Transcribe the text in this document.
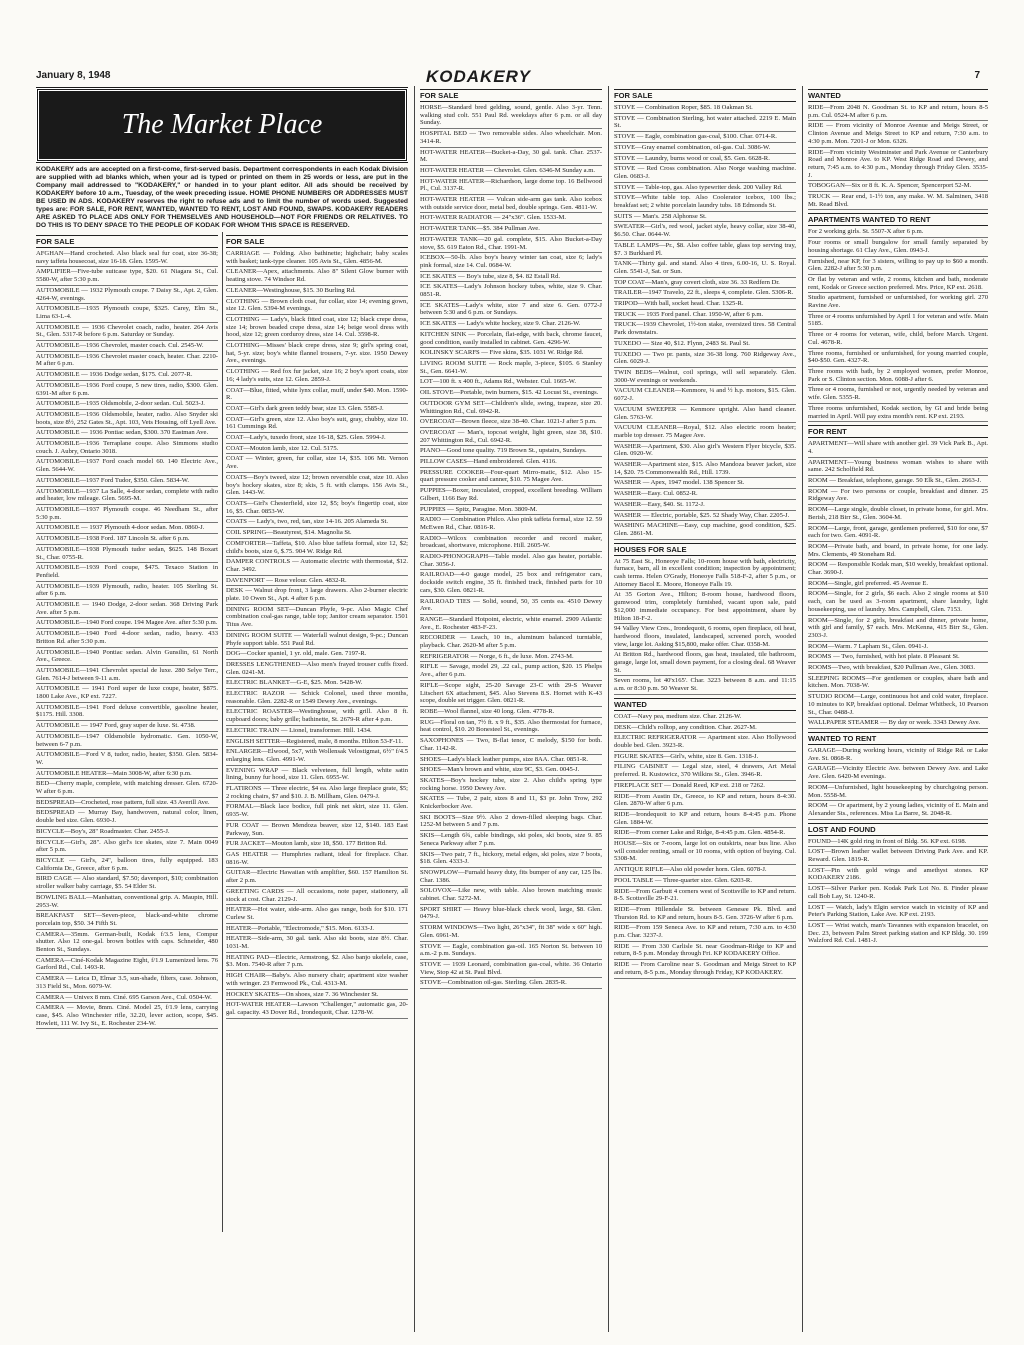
January 8, 1948	KODAKERY	7
The Market Place
KODAKERY ads are accepted on a first-come, first-served basis. Department correspondents in each Kodak Division are supplied with ad blanks which, when your ad is typed or printed on them in 25 words or less, are put in the Company mail addressed to "KODAKERY," or handed in to your plant editor. All ads should be received by KODAKERY before 10 a.m., Tuesday, of the week preceding issue. HOME PHONE NUMBERS OR ADDRESSES MUST BE USED IN ADS. KODAKERY reserves the right to refuse ads and to limit the number of words used. Suggested types are: FOR SALE, FOR RENT, WANTED, WANTED TO RENT, LOST AND FOUND, SWAPS. KODAKERY READERS ARE ASKED TO PLACE ADS ONLY FOR THEMSELVES AND HOUSEHOLD—NOT FOR FRIENDS OR RELATIVES. TO DO THIS IS TO DENY SPACE TO THE PEOPLE OF KODAK FOR WHOM THIS SPACE IS RESERVED.
FOR SALE
AFGHAN—Hand crocheted. Also black seal fur coat, size 36-38; navy taffeta housecoat, size 16-18. Glen. 1595-W.
AMPLIFIER—Five-tube suitcase type, $20. 61 Niagara St., Cul. 5580-W, after 5:30 p.m.
AUTOMOBILE — 1932 Plymouth coupe. 7 Daisy St., Apt. 2, Glen. 4264-W, evenings.
AUTOMOBILE—1935 Plymouth coupe, $325. Carey, Elm St., Lima 63-L-4.
AUTOMOBILE — 1936 Chevrolet coach, radio, heater. 264 Avis St., Glen. 5317-R before 6 p.m. Saturday or Sunday.
AUTOMOBILE—1936 Chevrolet, master coach. Cul. 2545-W.
AUTOMOBILE—1936 Chevrolet master coach, heater. Char. 2210-M after 6 p.m.
AUTOMOBILE — 1936 Dodge sedan, $175. Cul. 2077-R.
AUTOMOBILE—1936 Ford coupe, 5 new tires, radio, $300. Glen. 6391-M after 6 p.m.
AUTOMOBILE—1935 Oldsmobile, 2-door sedan. Cul. 5023-J.
AUTOMOBILE—1936 Oldsmobile, heater, radio. Also Snyder ski boots, size 8½, 252 Gates St., Apt. 103, Vets Housing, off Lyell Ave.
AUTOMOBILE — 1936 Pontiac sedan, $300. 370 Eastman Ave.
AUTOMOBILE—1936 Terraplane coupe. Also Simmons studio couch. J. Aubry, Ontario 3018.
AUTOMOBILE—1937 Ford coach model 60. 140 Electric Ave., Glen. 5644-W.
AUTOMOBILE—1937 Ford Tudor, $350. Glen. 5834-W.
AUTOMOBILE—1937 La Salle, 4-door sedan, complete with radio and heater, low mileage. Glen. 5695-M.
AUTOMOBILE—1937 Plymouth coupe. 46 Needham St., after 5:30 p.m.
AUTOMOBILE — 1937 Plymouth 4-door sedan. Mon. 0860-J.
AUTOMOBILE—1938 Ford. 187 Lincoln St. after 6 p.m.
AUTOMOBILE—1938 Plymouth tudor sedan, $625. 148 Boxart St., Char. 0755-R.
AUTOMOBILE—1939 Ford coupe, $475. Texaco Station in Penfield.
AUTOMOBILE—1939 Plymouth, radio, heater. 105 Sterling St. after 6 p.m.
AUTOMOBILE — 1940 Dodge, 2-door sedan. 368 Driving Park Ave. after 5 p.m.
AUTOMOBILE—1940 Ford coupe. 194 Magee Ave. after 5:30 p.m.
AUTOMOBILE—1940 Ford 4-door sedan, radio, heavy. 433 Britton Rd. after 5:30 p.m.
AUTOMOBILE—1940 Pontiac sedan. Alvin Gunsilin, 61 North Ave., Greece.
AUTOMOBILE—1941 Chevrolet special de luxe. 280 Selye Terr., Glen. 7614-J between 9-11 a.m.
AUTOMOBILE — 1941 Ford super de luxe coupe, heater, $875. 1800 Lake Ave., KP ext. 7227.
AUTOMOBILE—1941 Ford deluxe convertible, gasoline heater, $1175. Hill. 3308.
AUTOMOBILE — 1947 Ford, gray super de luxe. St. 4738.
AUTOMOBILE—1947 Oldsmobile hydromatic. Gen. 1050-W, between 6-7 p.m.
AUTOMOBILE—Ford V 8, tudor, radio, heater, $350. Glen. 5834-W.
AUTOMOBILE HEATER—Main 3008-W, after 6:30 p.m.
BED—Cherry maple, complete, with matching dresser. Glen. 6720-W after 6 p.m.
BEDSPREAD—Crocheted, rose pattern, full size. 43 Averill Ave.
BEDSPREAD — Murray Bay, handwoven, natural color, linen, double bed size. Glen. 6930-J.
BICYCLE—Boy's, 28" Roadmaster. Char. 2455-J.
BICYCLE—Girl's, 28". Also girl's ice skates, size 7. Main 0049 after 5 p.m.
BICYCLE — Girl's, 24", balloon tires, fully equipped. 183 California Dr., Greece, after 6 p.m.
BIRD CAGE — Also standard, $7.50; davenport, $10; combination stroller walker baby carriage, $5. 54 Elder St.
BOWLING BALL—Manhattan, conventional grip. A. Maupin, Hill. 2953-W.
BREAKFAST SET—Seven-piece, black-and-white chrome porcelain top, $50. 34 Fifth St.
CAMERA—35mm. German-built, Kodak f/3.5 lens, Compur shutter. Also 12 one-gal. brown bottles with caps. Schneider, 480 Benton St., Sundays.
CAMERA—Ciné-Kodak Magazine Eight, f/1.9 Lumenized lens. 76 Garford Rd., Cul. 1493-R.
CAMERA — Leica D, Elmar 3.5, sun-shade, filters, case. Johnson, 313 Field St., Mon. 6079-W.
CAMERA — Univex 8 mm. Ciné. 695 Garson Ave., Cul. 0504-W.
CAMERA — Movie, 8mm. Ciné. Model 25, f/1.9 lens, carrying case, $45. Also Winchester rifle, 32.20, lever action, scope, $45. Howlett, 111 W. Ivy St., E. Rochester 234-W.
FOR SALE
CARRIAGE — Folding. Also bathinette; highchair; baby scales with basket; tank-type cleaner. 105 Avis St., Glen. 4856-M.
CLEANER—Apex, attachments. Also 8" Silent Glow burner with heating stove. 74 Windsor Rd.
CLEANER—Westinghouse, $15. 30 Burling Rd.
CLOTHING — Brown cloth coat, fur collar, size 14; evening gown, size 12. Glen. 5394-M evenings.
CLOTHING — Lady's, black fitted coat, size 12; black crepe dress, size 14; brown beaded crepe dress, size 14; beige wool dress with hood, size 12; green corduroy dress, size 14. Cul. 3598-R.
CLOTHING—Misses' black crepe dress, size 9; girl's spring coat, hat, 5-yr. size; boy's white flannel trousers, 7-yr. size. 1950 Dewey Ave., evenings.
CLOTHING — Red fox fur jacket, size 16; 2 boy's sport coats, size 16; 4 lady's suits, size 12. Glen. 2859-J.
COAT—Blue, fitted, white lynx collar, muff, under $40. Mon. 1590-R.
COAT—Girl's dark green teddy bear, size 13. Glen. 5585-J.
COAT—Girl's green, size 12. Also boy's suit, gray, chubby, size 10. 161 Cummings Rd.
COAT—Lady's, tuxedo front, size 16-18, $25. Glen. 5994-J.
COAT—Mouton lamb, size 12. Cul. 5175.
COAT — Winter, green, fur collar, size 14, $35. 106 Mt. Vernon Ave.
COATS—Boy's tweed, size 12; brown reversible coat, size 10. Also boy's hockey skates, size 8; skis, 5 ft. with clamps. 156 Avis St., Glen. 1443-W.
COATS—Girl's Chesterfield, size 12, $5; boy's fingertip coat, size 16, $5. Char. 0853-W.
COATS — Lady's, two, red, tan, size 14-16. 205 Alameda St.
COIL SPRING—Beautyrest, $14. Magnolia St.
COMFORTER—Taffeta, $10. Also blue taffeta formal, size 12, $2; child's boots, size 6, $.75. 904 W. Ridge Rd.
DAMPER CONTROLS — Automatic electric with thermostat, $12. Char. 3492.
DAVENPORT — Rose velour. Glen. 4832-R.
DESK — Walnut drop front, 3 large drawers. Also 2-burner electric plate. 10 Owen St., Apt. 4 after 6 p.m.
DINING ROOM SET—Duncan Phyfe, 9-pc. Also Magic Chef combination coal-gas range, table top; Janitor cream separator. 1501 Titus Ave.
DINING ROOM SUITE — Waterfall walnut design, 9-pc.; Duncan Phyfe support table. 551 Paul Rd.
DOG—Cocker spaniel, 1 yr. old, male. Gen. 7197-R.
DRESSES LENGTHENED—Also men's frayed trouser cuffs fixed. Glen. 0241-M.
ELECTRIC BLANKET—G-E, $25. Mon. 5428-W.
ELECTRIC RAZOR — Schick Colonel, used three months, reasonable. Glen. 2282-R or 1549 Dewey Ave., evenings.
ELECTRIC ROASTER—Westinghouse, with grill. Also 8 ft. cupboard doors; baby grille; bathinette, St. 2679-R after 4 p.m.
ELECTRIC TRAIN — Lionel, transformer. Hill. 1434.
ENGLISH SETTER—Registered, male, 8 months. Hilton 53-F-11.
ENLARGER—Elwood, 5x7, with Wollensak Velostigmat, 6½" f/4.5 enlarging lens. Glen. 4991-W.
EVENING WRAP — Black velveteen, full length, white satin lining, bunny fur hood, size 11. Glen. 6955-W.
FLATIRONS — Three electric, $4 ea. Also large fireplace grate, $5; 2 rocking chairs, $7 and $10. J. B. Millham, Glen. 0479-J.
FORMAL—Black lace bodice, full pink net skirt, size 11. Glen. 6935-W.
FUR COAT — Brown Mendoza beaver, size 12, $140. 183 East Parkway, Sun.
FUR JACKET—Mouton lamb, size 18, $50. 177 Britton Rd.
GAS HEATER — Humphries radiant, ideal for fireplace. Char. 0816-W.
GUITAR—Electric Hawaiian with amplifier, $60. 157 Hamilton St. after 2 p.m.
GREETING CARDS — All occasions, note paper, stationery, all stock at cost. Char. 2129-J.
HEATER—Hot water, side-arm. Also gas range, both for $10. 171 Curlew St.
HEATER—Portable, "Electromode," $15. Mon. 6133-J.
HEATER—Side-arm, 30 gal. tank. Also ski boots, size 8½. Char. 1031-M.
HEATING PAD—Electric, Armstrong, $2. Also banjo ukelele, case, $3. Mon. 7540-R after 7 p.m.
HIGH CHAIR—Baby's. Also nursery chair; apartment size washer with wringer. 23 Fernwood Pk., Cul. 4313-M.
HOCKEY SKATES—On shoes, size 7. 36 Winchester St.
HOT-WATER HEATER—Lawson "Challenger," automatic gas, 20-gal. capacity. 43 Dover Rd., Irondequoit, Char. 1278-W.
FOR SALE
HORSE—Standard bred gelding, sound, gentle. Also 3-yr. Tenn. walking stud colt. 551 Paul Rd. weekdays after 6 p.m. or all day Sunday.
HOSPITAL BED — Two removable sides. Also wheelchair. Mon. 3414-R.
HOT-WATER HEATER—Bucket-a-Day, 30 gal. tank. Char. 2537-M.
HOT-WATER HEATER — Chevrolet. Glen. 6346-M Sunday a.m.
HOT-WATER HEATER—Richardson, large dome top. 16 Bellwood Pl., Cul. 3137-R.
HOT-WATER HEATER — Vulcan side-arm gas tank. Also icebox with outside service door, metal bed, double springs. Gen. 4811-W.
HOT-WATER RADIATOR — 24"x36". Glen. 1533-M.
HOT-WATER TANK—$5. 384 Pullman Ave.
HOT-WATER TANK—20 gal. complete, $15. Also Bucket-a-Day stove, $5. 619 Eaton Rd., Char. 1991-M.
ICEBOX—50-lb. Also boy's heavy winter tan coat, size 6; lady's pink formal, size 14. Cul. 0684-W.
ICE SKATES — Boy's tube, size 8, $4. 82 Estall Rd.
ICE SKATES—Lady's Johnson hockey tubes, white, size 9. Char. 0851-R.
ICE SKATES—Lady's white, size 7 and size 6. Gen. 0772-J between 5:30 and 6 p.m. or Sundays.
ICE SKATES — Lady's white hockey, size 9. Char. 2126-W.
KITCHEN SINK — Porcelain, flat-edge, with back, chrome faucet, good condition, easily installed in cabinet. Gen. 4296-W.
KOLINSKY SCARFS — Five skins, $35. 1031 W. Ridge Rd.
LIVING ROOM SUITE — Rock maple, 3-piece, $105. 6 Stanley St., Gen. 6641-W.
LOT—100 ft. x 400 ft., Adams Rd., Webster. Cul. 1665-W.
OIL STOVE—Portable, twin burners, $15. 42 Locust St., evenings.
OUTDOOR GYM SET—Children's slide, swing, trapeze, size 20. Whittington Rd., Cul. 6942-R.
OVERCOAT—Brown fleece, size 38-40. Char. 1021-J after 5 p.m.
OVERCOAT — Man's, topcoat weight, light green, size 38, $10. 207 Whittington Rd., Cul. 6942-R.
PIANO—Good tone quality. 719 Brown St., upstairs, Sundays.
PILLOW CASES—Hand embroidered. Glen. 4116.
PRESSURE COOKER—Four-quart Mirro-matic, $12. Also 15-quart pressure cooker and canner, $10. 75 Magee Ave.
PUPPIES—Boxer, inoculated, cropped, excellent breeding. William Gilbert, 1166 Bay Rd.
PUPPIES — Spitz, Paragine. Mon. 3809-M.
RADIO — Combination Philco. Also pink taffeta formal, size 12. 59 McEwen Rd., Char. 0816-R.
RADIO—Wilcox combination recorder and record maker, broadcast, shortwave, microphone. Hill. 2605-W.
RADIO-PHONOGRAPH—Table model. Also gas heater, portable. Char. 3056-J.
RAILROAD—4-0 gauge model, 25 box and refrigerator cars, dockside switch engine, 35 ft. finished track, finished parts for 10 cars, $30. Glen. 0821-R.
RAILROAD TIES — Solid, sound, 50, 35 cents ea. 4510 Dewey Ave.
RANGE—Standard Hotpoint, electric, white enamel. 2909 Atlantic Ave., E. Rochester 483-F-23.
RECORDER — Leach, 10 in., aluminum balanced turntable, playback. Char. 2620-M after 5 p.m.
REFRIGERATOR — Norge, 6 ft., de luxe. Mon. 2743-M.
RIFLE — Savage, model 29, .22 cal., pump action, $20. 15 Phelps Ave., after 6 p.m.
RIFLE—Scope sight, 25-20 Savage 23-C with 29-S Weaver Litschert 6X attachment, $45. Also Stevens 8.S. Hornet with K-43 scope, double set trigger. Glen. 0821-R.
ROBE—Wool flannel, size 40 long. Glen. 4778-R.
RUG—Floral on tan, 7½ ft. x 9 ft., $35. Also thermostat for furnace, heat control, $10. 20 Bonesteel St., evenings.
SAXOPHONES — Two, B-flat tenor, C melody, $150 for both. Char. 1142-R.
SHOES—Lady's black leather pumps, size 8AA. Char. 0851-R.
SHOES—Man's brown and white, size 9C, $3. Gen. 0045-J.
SKATES—Boy's hockey tube, size 2. Also child's spring type rocking horse. 1950 Dewey Ave.
SKATES — Tube, 2 pair, sizes 8 and 11, $3 pr. John Trow, 292 Knickerbocker Ave.
SKI BOOTS—Size 9½. Also 2 down-filled sleeping bags. Char. 1252-M between 5 and 7 p.m.
SKIS—Length 6¾, cable bindings, ski poles, ski boots, size 9. 85 Seneca Parkway after 7 p.m.
SKIS—Two pair, 7 ft., hickory, metal edges, ski poles, size 7 boots, $18. Glen. 4333-J.
SNOWPLOW—Furnald heavy duty, fits bumper of any car, 125 lbs. Char. 1386.
SOLOVOX—Like new, with table. Also brown matching music cabinet. Char. 5272-M.
SPORT SHIRT — Heavy blue-black check wool, large, $8. Glen. 0479-J.
STORM WINDOWS—Two light, 26"x34", fit 38" wide x 60" high. Glen. 6961-M.
STOVE — Eagle, combination gas-oil. 165 Norton St. between 10 a.m.-2 p.m. Sundays.
STOVE — 1939 Leonard, combination gas-coal, white. 36 Ontario View, Stop 42 at St. Paul Blvd.
STOVE—Combination oil-gas. Sterling. Glen. 2835-R.
FOR SALE
STOVE — Combination Roper, $85. 18 Oakman St.
STOVE — Combination Sterling, hot water attached. 2219 E. Main St.
STOVE — Eagle, combination gas-coal, $100. Char. 0714-R.
STOVE—Gray enamel combination, oil-gas. Cul. 3086-W.
STOVE — Laundry, burns wood or coal, $5. Gen. 6628-R.
STOVE — Red Cross combination. Also Norge washing machine. Glen. 0683-J.
STOVE — Table-top, gas. Also typewriter desk. 200 Valley Rd.
STOVE—White table top. Also Coolerator icebox, 100 lbs.; breakfast set; 2 white porcelain laundry tubs. 18 Edmonds St.
SUITS — Man's. 258 Alphonse St.
SWEATER—Girl's, red wool, jacket style, heavy collar, size 38-40, $6.50. Char. 0644-W.
TABLE LAMPS—Pr., $8. Also coffee table, glass top serving tray, $7. 3 Burkhard Pl.
TANK—Thirty gal. and stand. Also 4 tires, 6.00-16, U. S. Royal. Glen. 5541-J, Sat. or Sun.
TOP COAT—Man's, gray covert cloth, size 36. 33 Redfern Dr.
TRAILER—1947 Travelo, 22 ft., sleeps 4, complete. Glen. 5306-R.
TRIPOD—With ball, socket head. Char. 1325-R.
TRUCK — 1935 Ford panel. Char. 1950-W, after 6 p.m.
TRUCK—1939 Chevrolet, 1½-ton stake, oversized tires. 58 Central Park downstairs.
TUXEDO — Size 40, $12. Flynn, 2483 St. Paul St.
TUXEDO — Two pr. pants, size 36-38 long. 760 Ridgeway Ave., Glen. 6029-J.
TWIN BEDS—Walnut, coil springs, will sell separately. Glen. 3000-W evenings or weekends.
VACUUM CLEANER—Kenmore, ¼ and ½ h.p. motors, $15. Glen. 6072-J.
VACUUM SWEEPER — Kenmore upright. Also hand cleaner. Glen. 5763-W.
VACUUM CLEANER—Royal, $12. Also electric room heater; marble top dresser. 75 Magee Ave.
WASHER—Apartment, $30. Also girl's Western Flyer bicycle, $35. Glen. 0920-W.
WASHER—Apartment size, $15. Also Mandoza beaver jacket, size 14, $20. 75 Commonwealth Rd., Hill. 1739.
WASHER — Apex, 1947 model. 138 Spencer St.
WASHER—Easy. Cul. 0852-R.
WASHER—Easy, $40. St. 1172-J.
WASHER — Electric, portable, $25. 52 Shady Way, Char. 2205-J.
WASHING MACHINE—Easy, cup machine, good condition, $25. Glen. 2861-M.
HOUSES FOR SALE
At 75 East St., Honeoye Falls; 10-room house with bath, electricity, furnace, barn, all in excellent condition; inspection by appointment; cash terms. Helen O'Grady, Honeoye Falls 518-F-2, after 5 p.m., or Attorney Bacol E. Moore, Honeoye Falls 19.
At 35 Gorton Ave., Hilton; 8-room house, hardwood floors, gumwood trim, completely furnished, vacant upon sale, paid $12,000 immediate occupancy. For best appointment, share by Hilton 18-F-2.
94 Valley View Cres., Irondequoit, 6 rooms, open fireplace, oil heat, hardwood floors, insulated, landscaped, screened porch, wooded view, large lot. Asking $15,800, make offer. Char. 0358-M.
At Britton Rd., hardwood floors, gas heat, insulated, tile bathroom, garage, large lot, small down payment, for a closing deal. 68 Weaver St.
Seven rooms, lot 40'x165'. Char. 3223 between 8 a.m. and 11:15 a.m. or 8:30 p.m. 50 Weaver St.
WANTED
COAT—Navy pea, medium size. Char. 2126-W.
DESK—Child's rolltop, any condition. Char. 2627-M.
ELECTRIC REFRIGERATOR — Apartment size. Also Hollywood double bed. Glen. 3923-R.
FIGURE SKATES—Girl's, white, size 8. Gen. 1318-J.
FILING CABINET — Legal size, steel, 4 drawers, Art Metal preferred. R. Kustowicz, 370 Wilkins St., Glen. 3946-R.
FIREPLACE SET — Donald Reed, KP ext. 218 or 7262.
RIDE—From Austin Dr., Greece, to KP and return, hours 8-4:30. Glen. 2870-W after 6 p.m.
RIDE—Irondequoit to KP and return, hours 8-4:45 p.m. Phone Glen. 1884-W.
RIDE—From corner Lake and Ridge, 8-4:45 p.m. Glen. 4854-R.
HOUSE—Six or 7-room, large lot on outskirts, near bus line. Also will consider renting, small or 10 rooms, with option of buying. Cul. 5308-M.
ANTIQUE RIFLE—Also old powder horn. Glen. 6078-J.
POOL TABLE — Three-quarter size. Glen. 6203-R.
RIDE—From Garbutt 4 corners west of Scottsville to KP and return. 8-5. Scottsville 29-F-21.
RIDE—From Hillendale St. between Genesee Pk. Blvd. and Thurston Rd. to KP and return, hours 8-5. Gen. 3726-W after 6 p.m.
RIDE—From 159 Seneca Ave. to KP and return, 7:30 a.m. to 4:30 p.m. Char. 3237-J.
RIDE — From 330 Carlisle St. near Goodman-Ridge to KP and return, 8-5 p.m. Monday through Fri. KP KODAKERY Office.
RIDE — From Caroline near S. Goodman and Meigs Street to KP and return, 8-5 p.m., Monday through Friday, KP KODAKERY.
WANTED
RIDE—From 2048 N. Goodman St. to KP and return, hours 8-5 p.m. Cul. 0524-M after 6 p.m.
RIDE — From vicinity of Monroe Avenue and Meigs Street, or Clinton Avenue and Meigs Street to KP and return, 7:30 a.m. to 4:30 p.m. Mon. 7201-J or Mon. 6326.
RIDE—From vicinity Westminster and Park Avenue or Canterbury Road and Monroe Ave. to KP. West Ridge Road and Dewey, and return, 7:45 a.m. to 4:30 p.m., Monday through Friday Glen. 3535-J.
TOBOGGAN—Six or 8 ft. K. A. Spencer, Spencerport 52-M.
TRUCK — Rear end, 1-1½ ton, any make. W. M. Salminen, 3418 Mt. Read Blvd.
APARTMENTS WANTED TO RENT
For 2 working girls. St. 5507-X after 6 p.m.
Four rooms or small bungalow for small family separated by housing shortage. 61 Clay Ave., Glen. 0943-J.
Furnished, near KP, for 3 sisters, willing to pay up to $60 a month. Glen. 2282-J after 5:30 p.m.
Or flat by veteran and wife, 2 rooms, kitchen and bath, moderate rent, Kodak or Greece section preferred. Mrs. Price, KP ext. 2618.
Studio apartment, furnished or unfurnished, for working girl. 270 Ravine Ave.
Three or 4 rooms unfurnished by April 1 for veteran and wife. Main 5185.
Three or 4 rooms for veteran, wife, child, before March. Urgent. Cul. 4678-R.
Three rooms, furnished or unfurnished, for young married couple, $40-$50. Gen. 4327-R.
Three rooms with bath, by 2 employed women, prefer Monroe, Park or S. Clinton section. Mon. 6088-J after 6.
Three or 4 rooms, furnished or not, urgently needed by veteran and wife. Glen. 5355-R.
Three rooms unfurnished, Kodak section, by GI and bride being married in April. Will pay extra month's rent. KP ext. 2193.
FOR RENT
APARTMENT—Will share with another girl. 39 Vick Park B., Apt. 4.
APARTMENT—Young business woman wishes to share with same. 242 Scholfield Rd.
ROOM — Breakfast, telephone, garage. 50 Elk St., Glen. 2663-J.
ROOM — For two persons or couple, breakfast and dinner. 25 Ridgeway Ave.
ROOM—Large single, double closet, in private home, for girl. Mrs. Berish, 218 Birr St., Glen. 3604-M.
ROOM—Large, front, garage, gentlemen preferred, $10 for one, $7 each for two. Gen. 4091-R.
ROOM—Private bath, and board, in private home, for one lady. Mrs. Clements, 49 Stoneham Rd.
ROOM — Responsible Kodak man, $10 weekly, breakfast optional. Char. 3690-J.
ROOM—Single, girl preferred. 45 Avenue E.
ROOM—Single, for 2 girls, $6 each. Also 2 single rooms at $10 each, can be used as 3-room apartment, share laundry, light housekeeping, use of laundry. Mrs. Campbell, Glen. 7153.
ROOM—Single, for 2 girls, breakfast and dinner, private home, with girl and family, $7 each. Mrs. McKenna, 415 Birr St., Glen. 2303-J.
ROOM—Warm. 7 Lapham St., Glen. 0941-J.
ROOMS — Two, furnished, with hot plate. 8 Pleasant St.
ROOMS—Two, with breakfast, $20 Pullman Ave., Glen. 3083.
SLEEPING ROOMS—For gentlemen or couples, share bath and kitchen. Mon. 7038-W.
STUDIO ROOM—Large, continuous hot and cold water, fireplace. 10 minutes to KP, breakfast optional. Delmar Whitbeck, 10 Pearson St., Char. 0488-J.
WALLPAPER STEAMER — By day or week. 3343 Dewey Ave.
WANTED TO RENT
GARAGE—During working hours, vicinity of Ridge Rd. or Lake Ave. St. 0868-R.
GARAGE—Vicinity Electric Ave. between Dewey Ave. and Lake Ave. Glen. 6420-M evenings.
ROOM—Unfurnished, light housekeeping by churchgoing person. Mon. 5558-M.
ROOM — Or apartment, by 2 young ladies, vicinity of E. Main and Alexander Sts., references. Miss La Barre, St. 2048-R.
LOST AND FOUND
FOUND—14K gold ring in front of Bldg. 56. KP ext. 6198.
LOST—Brown leather wallet between Driving Park Ave. and KP. Reward. Glen. 1819-R.
LOST—Pin with gold wings and amethyst stones. KP KODAKERY 2186.
LOST—Silver Parker pen. Kodak Park Lot No. 8. Finder please call Bob Lay, St. 1240-R.
LOST — Watch, lady's Elgin service watch in vicinity of KP and Peter's Parking Station, Lake Ave. KP ext. 2193.
LOST — Wrist watch, man's Tavannes with expansion bracelet, on Dec. 23, between Palm Street parking station and KP Bldg. 30. 199 Walzford Rd. Cul. 1481-J.
